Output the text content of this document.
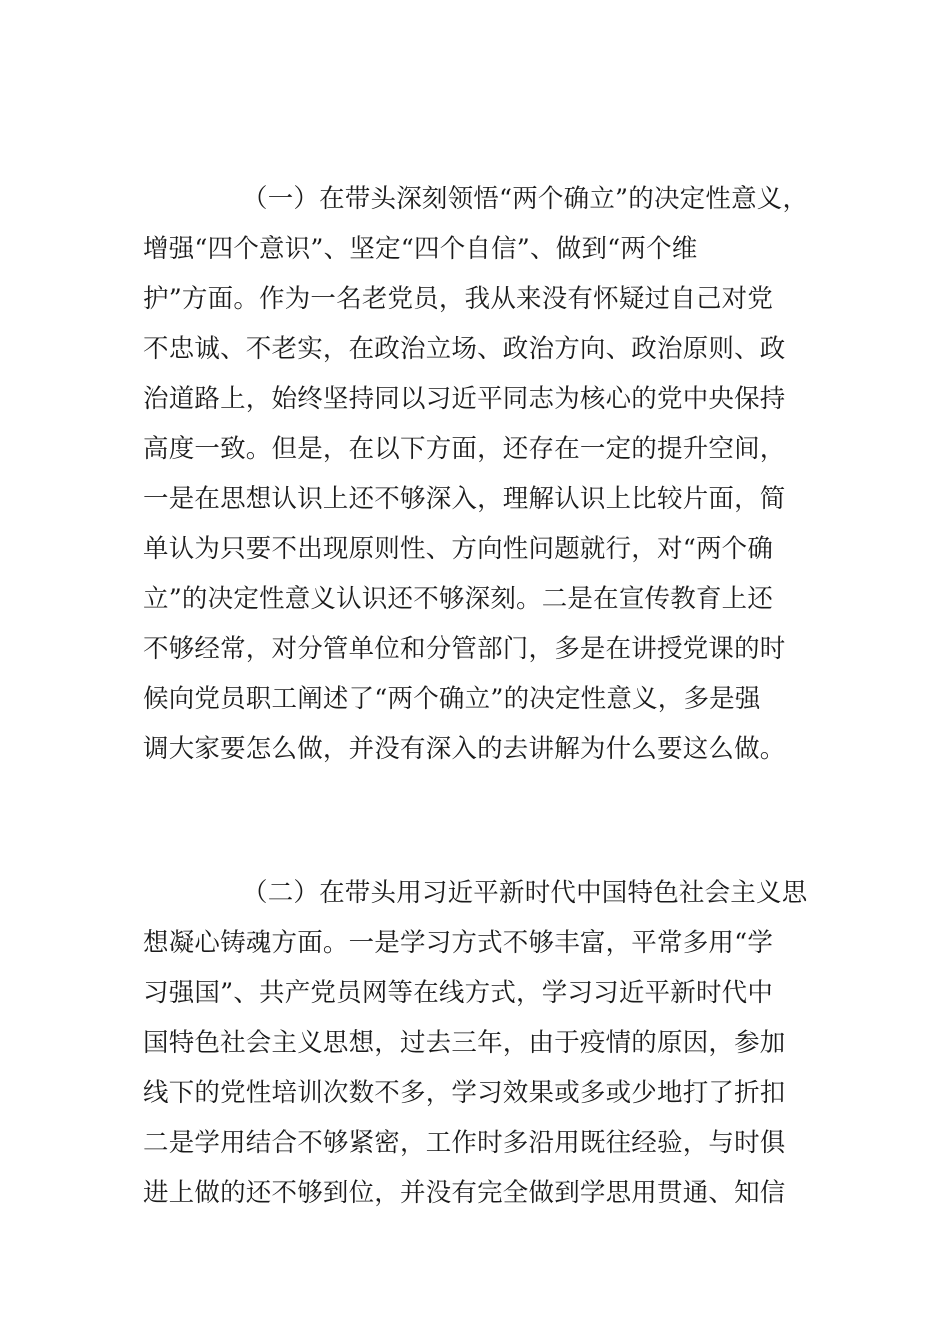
（一）在带头深刻领悟“两个确立”的决定性意义，
增强“四个意识”、坚定“四个自信”、做到“两个维
护”方面。作为一名老党员，我从来没有怀疑过自己对党
不忠诚、不老实，在政治立场、政治方向、政治原则、政
治道路上，始终坚持同以习近平同志为核心的党中央保持
高度一致。但是，在以下方面，还存在一定的提升空间，
一是在思想认识上还不够深入，理解认识上比较片面，简
单认为只要不出现原则性、方向性问题就行，对“两个确
立”的决定性意义认识还不够深刻。二是在宣传教育上还
不够经常，对分管单位和分管部门，多是在讲授党课的时
候向党员职工阐述了“两个确立”的决定性意义，多是强
调大家要怎么做，并没有深入的去讲解为什么要这么做。
（二）在带头用习近平新时代中国特色社会主义思
想凝心铸魂方面。一是学习方式不够丰富，平常多用“学
习强国”、共产党员网等在线方式，学习习近平新时代中
国特色社会主义思想，过去三年，由于疫情的原因，参加
线下的党性培训次数不多，学习效果或多或少地打了折扣
二是学用结合不够紧密，工作时多沿用既往经验，与时俱
进上做的还不够到位，并没有完全做到学思用贯通、知信
